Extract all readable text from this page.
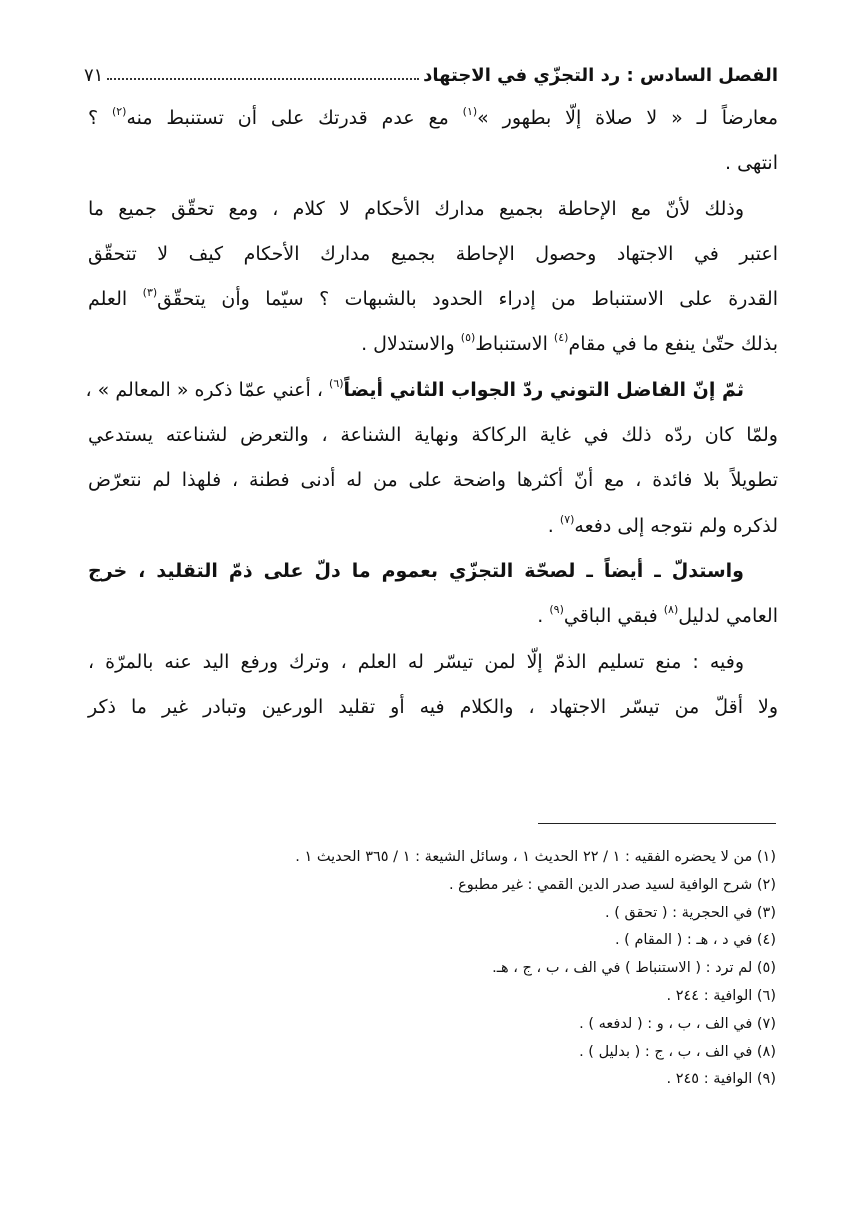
الفصل السادس : رد التجزّي في الاجتهاد
٧١
معارضاً لـ « لا صلاة إلّا بطهور »$^{(١)}$ مع عدم قدرتك على أن تستنبط منه$^{(٢)}$ ؟
انتهى .
وذلك لأنّ مع الإحاطة بجميع مدارك الأحكام لا كلام ، ومع تحقّق جميع ما
اعتبر في الاجتهاد وحصول الإحاطة بجميع مدارك الأحكام كيف لا تتحقّق
القدرة على الاستنباط من إدراء الحدود بالشبهات ؟ سيّما وأن يتحقّق$^{(٣)}$ العلم
بذلك حتّىٰ ينفع ما في مقام$^{(٤)}$ الاستنباط$^{(٥)}$ والاستدلال .
ثمّ إنّ الفاضل التوني ردّ الجواب الثاني أيضاً$^{(٦)}$ ، أعني عمّا ذكره « المعالم » ،
ولمّا كان ردّه ذلك في غاية الركاكة ونهاية الشناعة ، والتعرض لشناعته يستدعي
تطويلاً بلا فائدة ، مع أنّ أكثرها واضحة على من له أدنى فطنة ، فلهذا لم نتعرّض
لذكره ولم نتوجه إلى دفعه$^{(٧)}$ .
واستدلّ ـ أيضاً ـ لصحّة التجزّي بعموم ما دلّ على ذمّ التقليد ، خرج
العامي لدليل$^{(٨)}$ فبقي الباقي$^{(٩)}$ .
وفيه : منع تسليم الذمّ إلّا لمن تيسّر له العلم ، وترك ورفع اليد عنه بالمرّة ،
ولا أقلّ من تيسّر الاجتهاد ، والكلام فيه أو تقليد الورعين وتبادر غير ما ذكر
(١) من لا يحضره الفقيه : ١ / ٢٢ الحديث ١ ، وسائل الشيعة : ١ / ٣٦٥ الحديث ١ .
(٢) شرح الوافية لسيد صدر الدين القمي : غير مطبوع .
(٣) في الحجرية : ( تحقق ) .
(٤) في د ، هـ : ( المقام ) .
(٥) لم ترد : ( الاستنباط ) في الف ، ب ، ج ، هـ.
(٦) الوافية : ٢٤٤ .
(٧) في الف ، ب ، و : ( لدفعه ) .
(٨) في الف ، ب ، ج : ( بدليل ) .
(٩) الوافية : ٢٤٥ .
